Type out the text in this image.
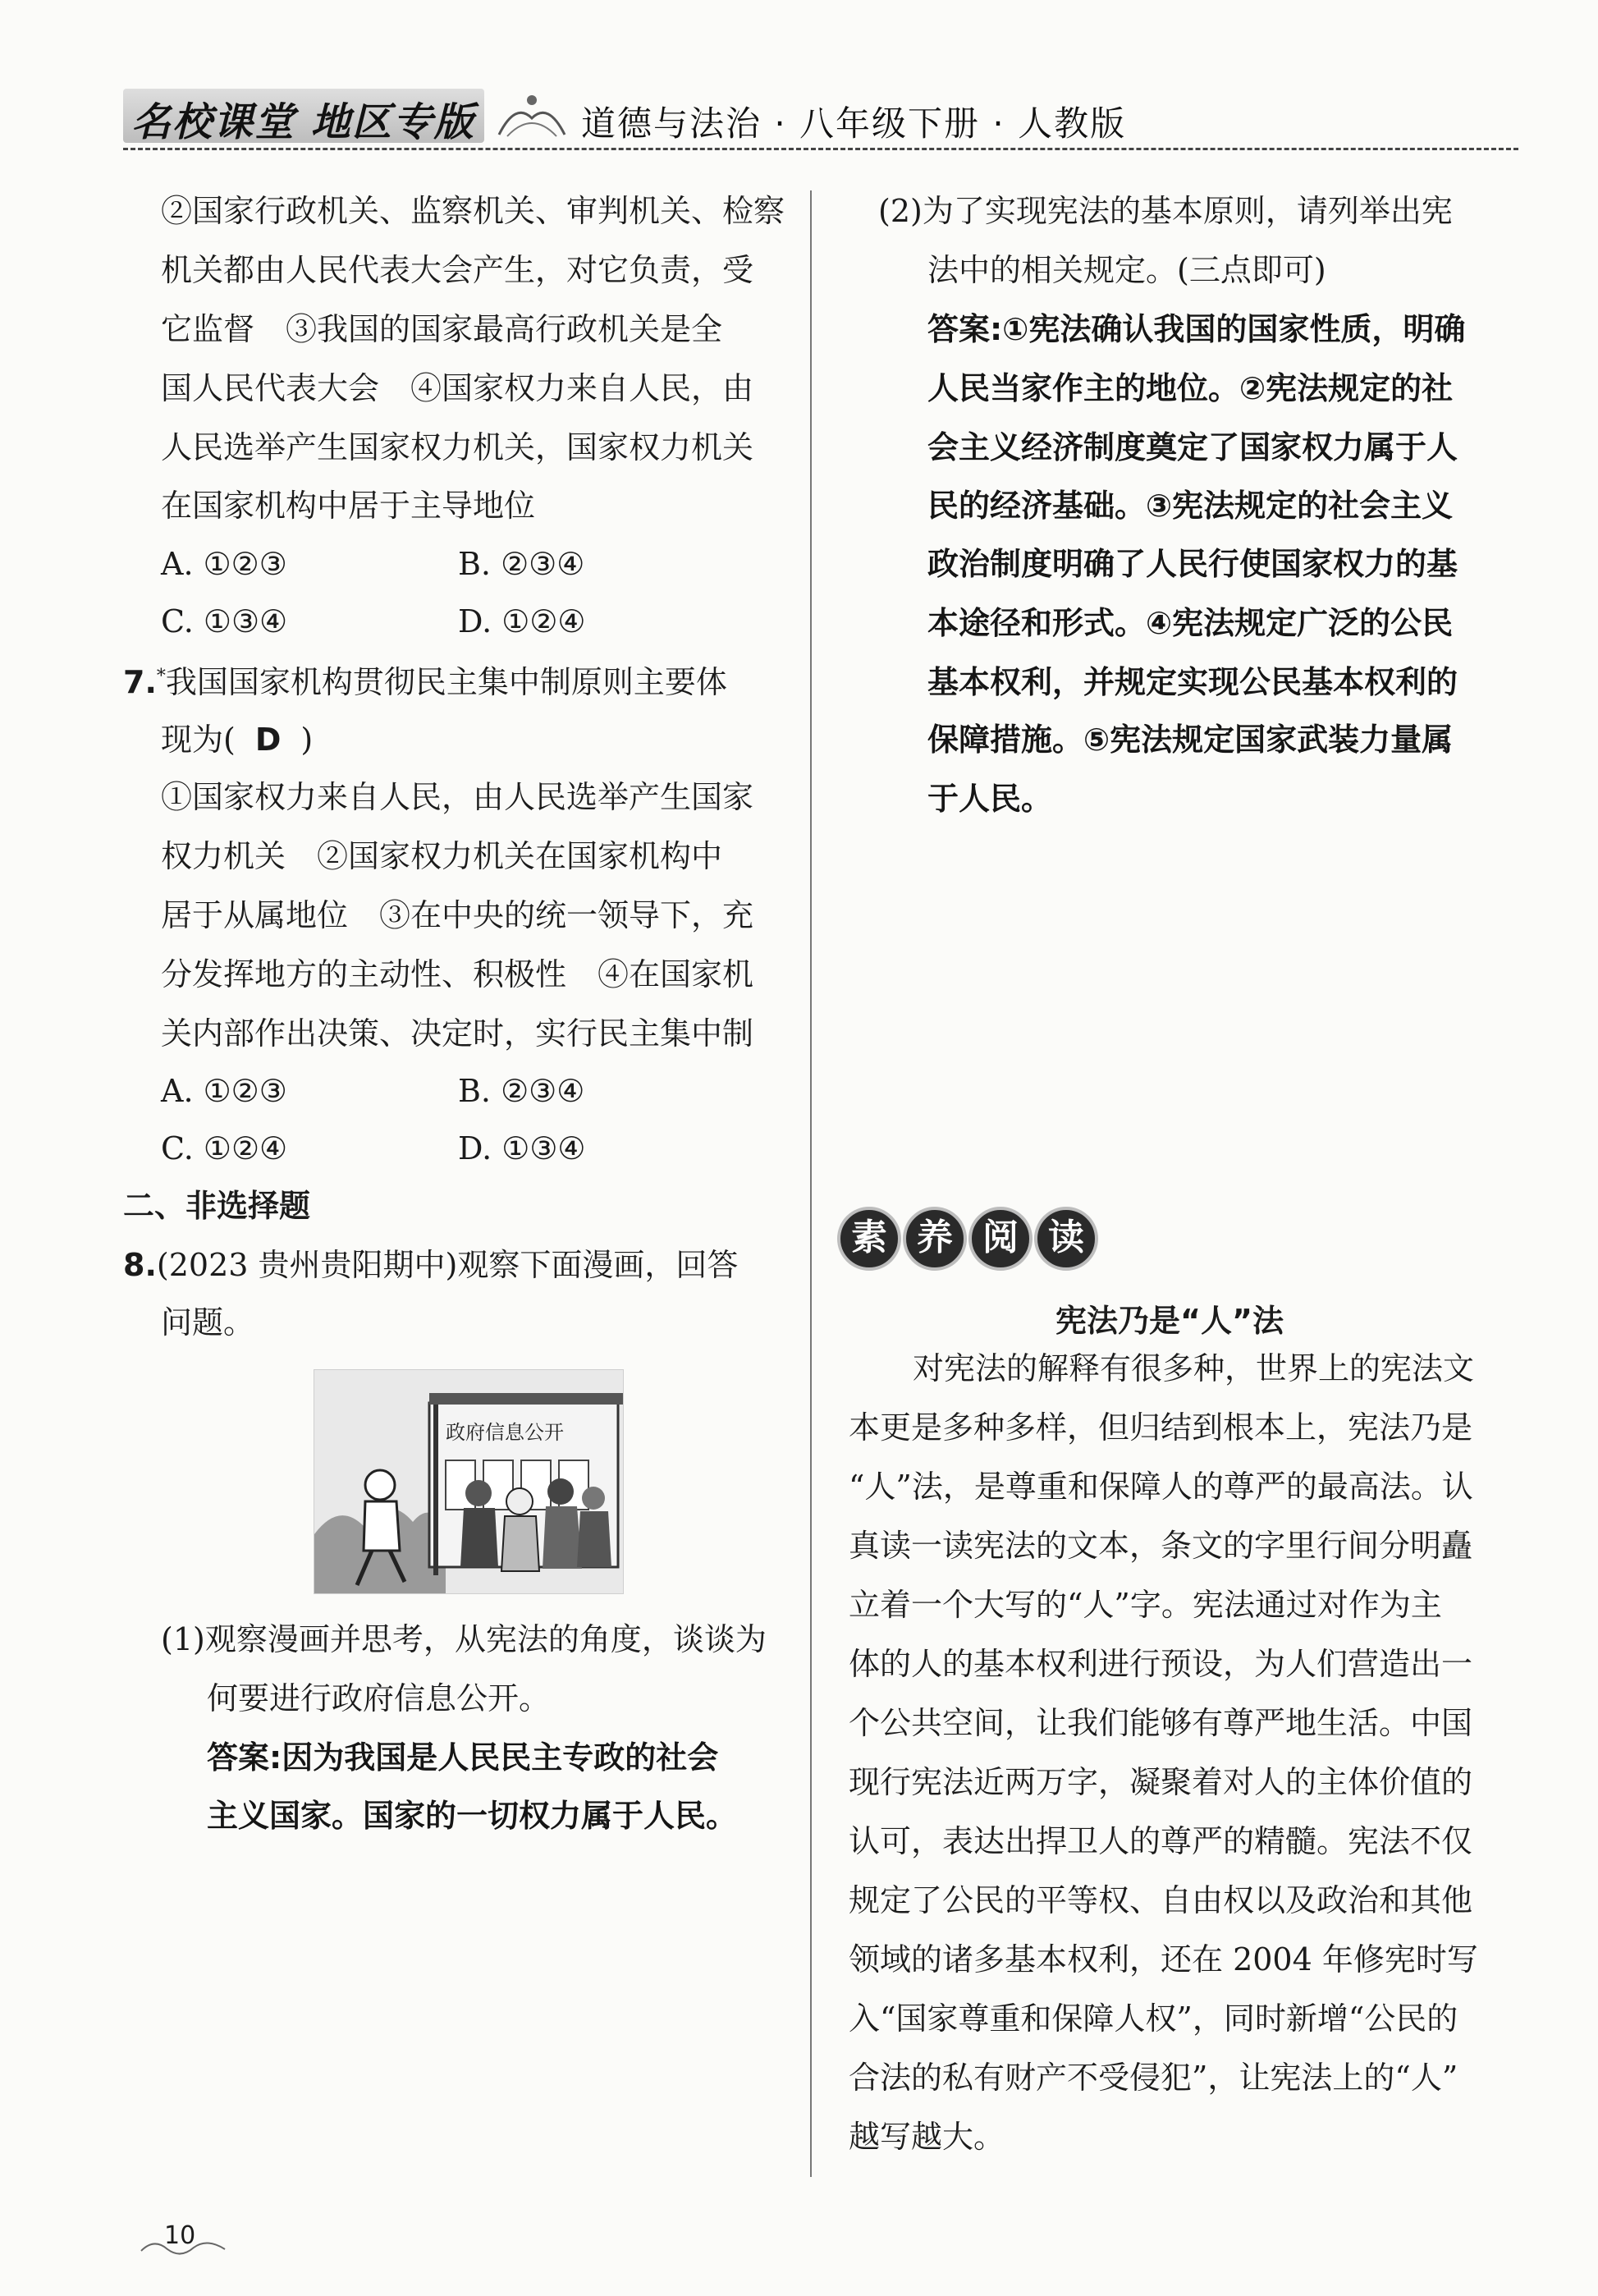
名校课堂 地区专版	道德与法治 · 八年级下册 · 人教版
②国家行政机关、监察机关、审判机关、检察
机关都由人民代表大会产生，对它负责，受
它监督　③我国的国家最高行政机关是全
国人民代表大会　④国家权力来自人民，由
人民选举产生国家权力机关，国家权力机关
在国家机构中居于主导地位
A. ①②③	B. ②③④
C. ①③④	D. ①②④
7.*我国国家机构贯彻民主集中制原则主要体
现为( D )
①国家权力来自人民，由人民选举产生国家
权力机关　②国家权力机关在国家机构中
居于从属地位　③在中央的统一领导下，充
分发挥地方的主动性、积极性　④在国家机
关内部作出决策、决定时，实行民主集中制
A. ①②③	B. ②③④
C. ①②④	D. ①③④
二、非选择题
8.(2023 贵州贵阳期中)观察下面漫画，回答
问题。
政府信息公开
(1)观察漫画并思考，从宪法的角度，谈谈为
何要进行政府信息公开。
答案:因为我国是人民民主专政的社会
主义国家。国家的一切权力属于人民。
(2)为了实现宪法的基本原则，请列举出宪
法中的相关规定。(三点即可)
答案:①宪法确认我国的国家性质，明确
人民当家作主的地位。②宪法规定的社
会主义经济制度奠定了国家权力属于人
民的经济基础。③宪法规定的社会主义
政治制度明确了人民行使国家权力的基
本途径和形式。④宪法规定广泛的公民
基本权利，并规定实现公民基本权利的
保障措施。⑤宪法规定国家武装力量属
于人民。
素 养 阅 读
宪法乃是“人”法
对宪法的解释有很多种，世界上的宪法文
本更是多种多样，但归结到根本上，宪法乃是
“人”法，是尊重和保障人的尊严的最高法。认
真读一读宪法的文本，条文的字里行间分明矗
立着一个大写的“人”字。宪法通过对作为主
体的人的基本权利进行预设，为人们营造出一
个公共空间，让我们能够有尊严地生活。中国
现行宪法近两万字，凝聚着对人的主体价值的
认可，表达出捍卫人的尊严的精髓。宪法不仅
规定了公民的平等权、自由权以及政治和其他
领域的诸多基本权利，还在 2004 年修宪时写
入“国家尊重和保障人权”，同时新增“公民的
合法的私有财产不受侵犯”，让宪法上的“人”
越写越大。
10
